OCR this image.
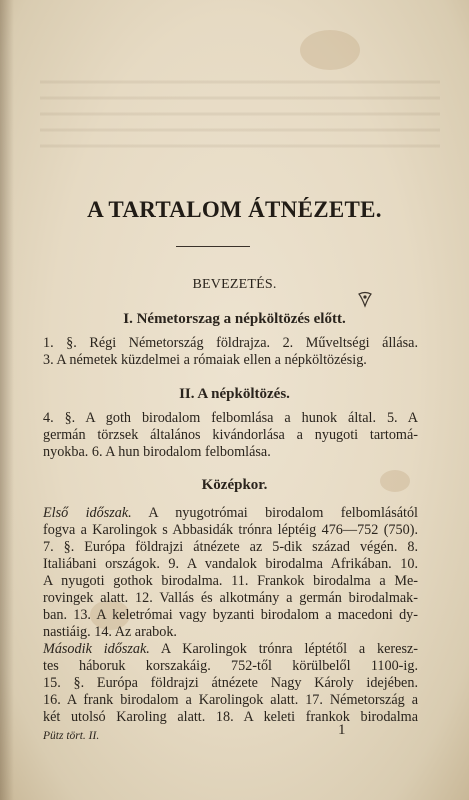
A TARTALOM ÁTNÉZETE.
BEVEZETÉS.
I. Németorszag a népköltözés előtt.
1. §. Régi Németország földrajza. 2. Műveltségi állása.
3. A németek küzdelmei a rómaiak ellen a népköltözésig.
II. A népköltözés.
4. §. A goth birodalom felbomlása a hunok által. 5. A
germán törzsek általános kivándorlása a nyugoti tartomá-
nyokba. 6. A hun birodalom felbomlása.
Középkor.
Első időszak. A nyugotrómai birodalom felbomlásától
fogva a Karolingok s Abbasidák trónra léptéig 476—752 (750).
7. §. Európa földrajzi átnézete az 5-dik század végén. 8.
Italiábani országok. 9. A vandalok birodalma Afrikában. 10.
A nyugoti gothok birodalma. 11. Frankok birodalma a Me-
rovingek alatt. 12. Vallás és alkotmány a germán birodalmak-
ban. 13. A keletrómai vagy byzanti birodalom a macedoni dy-
nastiáig. 14. Az arabok.
Második időszak. A Karolingok trónra léptétől a keresz-
tes háboruk korszakáig. 752-től körülbelől 1100-ig.
15. §. Európa földrajzi átnézete Nagy Károly idejében.
16. A frank birodalom a Karolingok alatt. 17. Németország a
két utolsó Karoling alatt. 18. A keleti frankok birodalma
Pütz tört. II.	1
